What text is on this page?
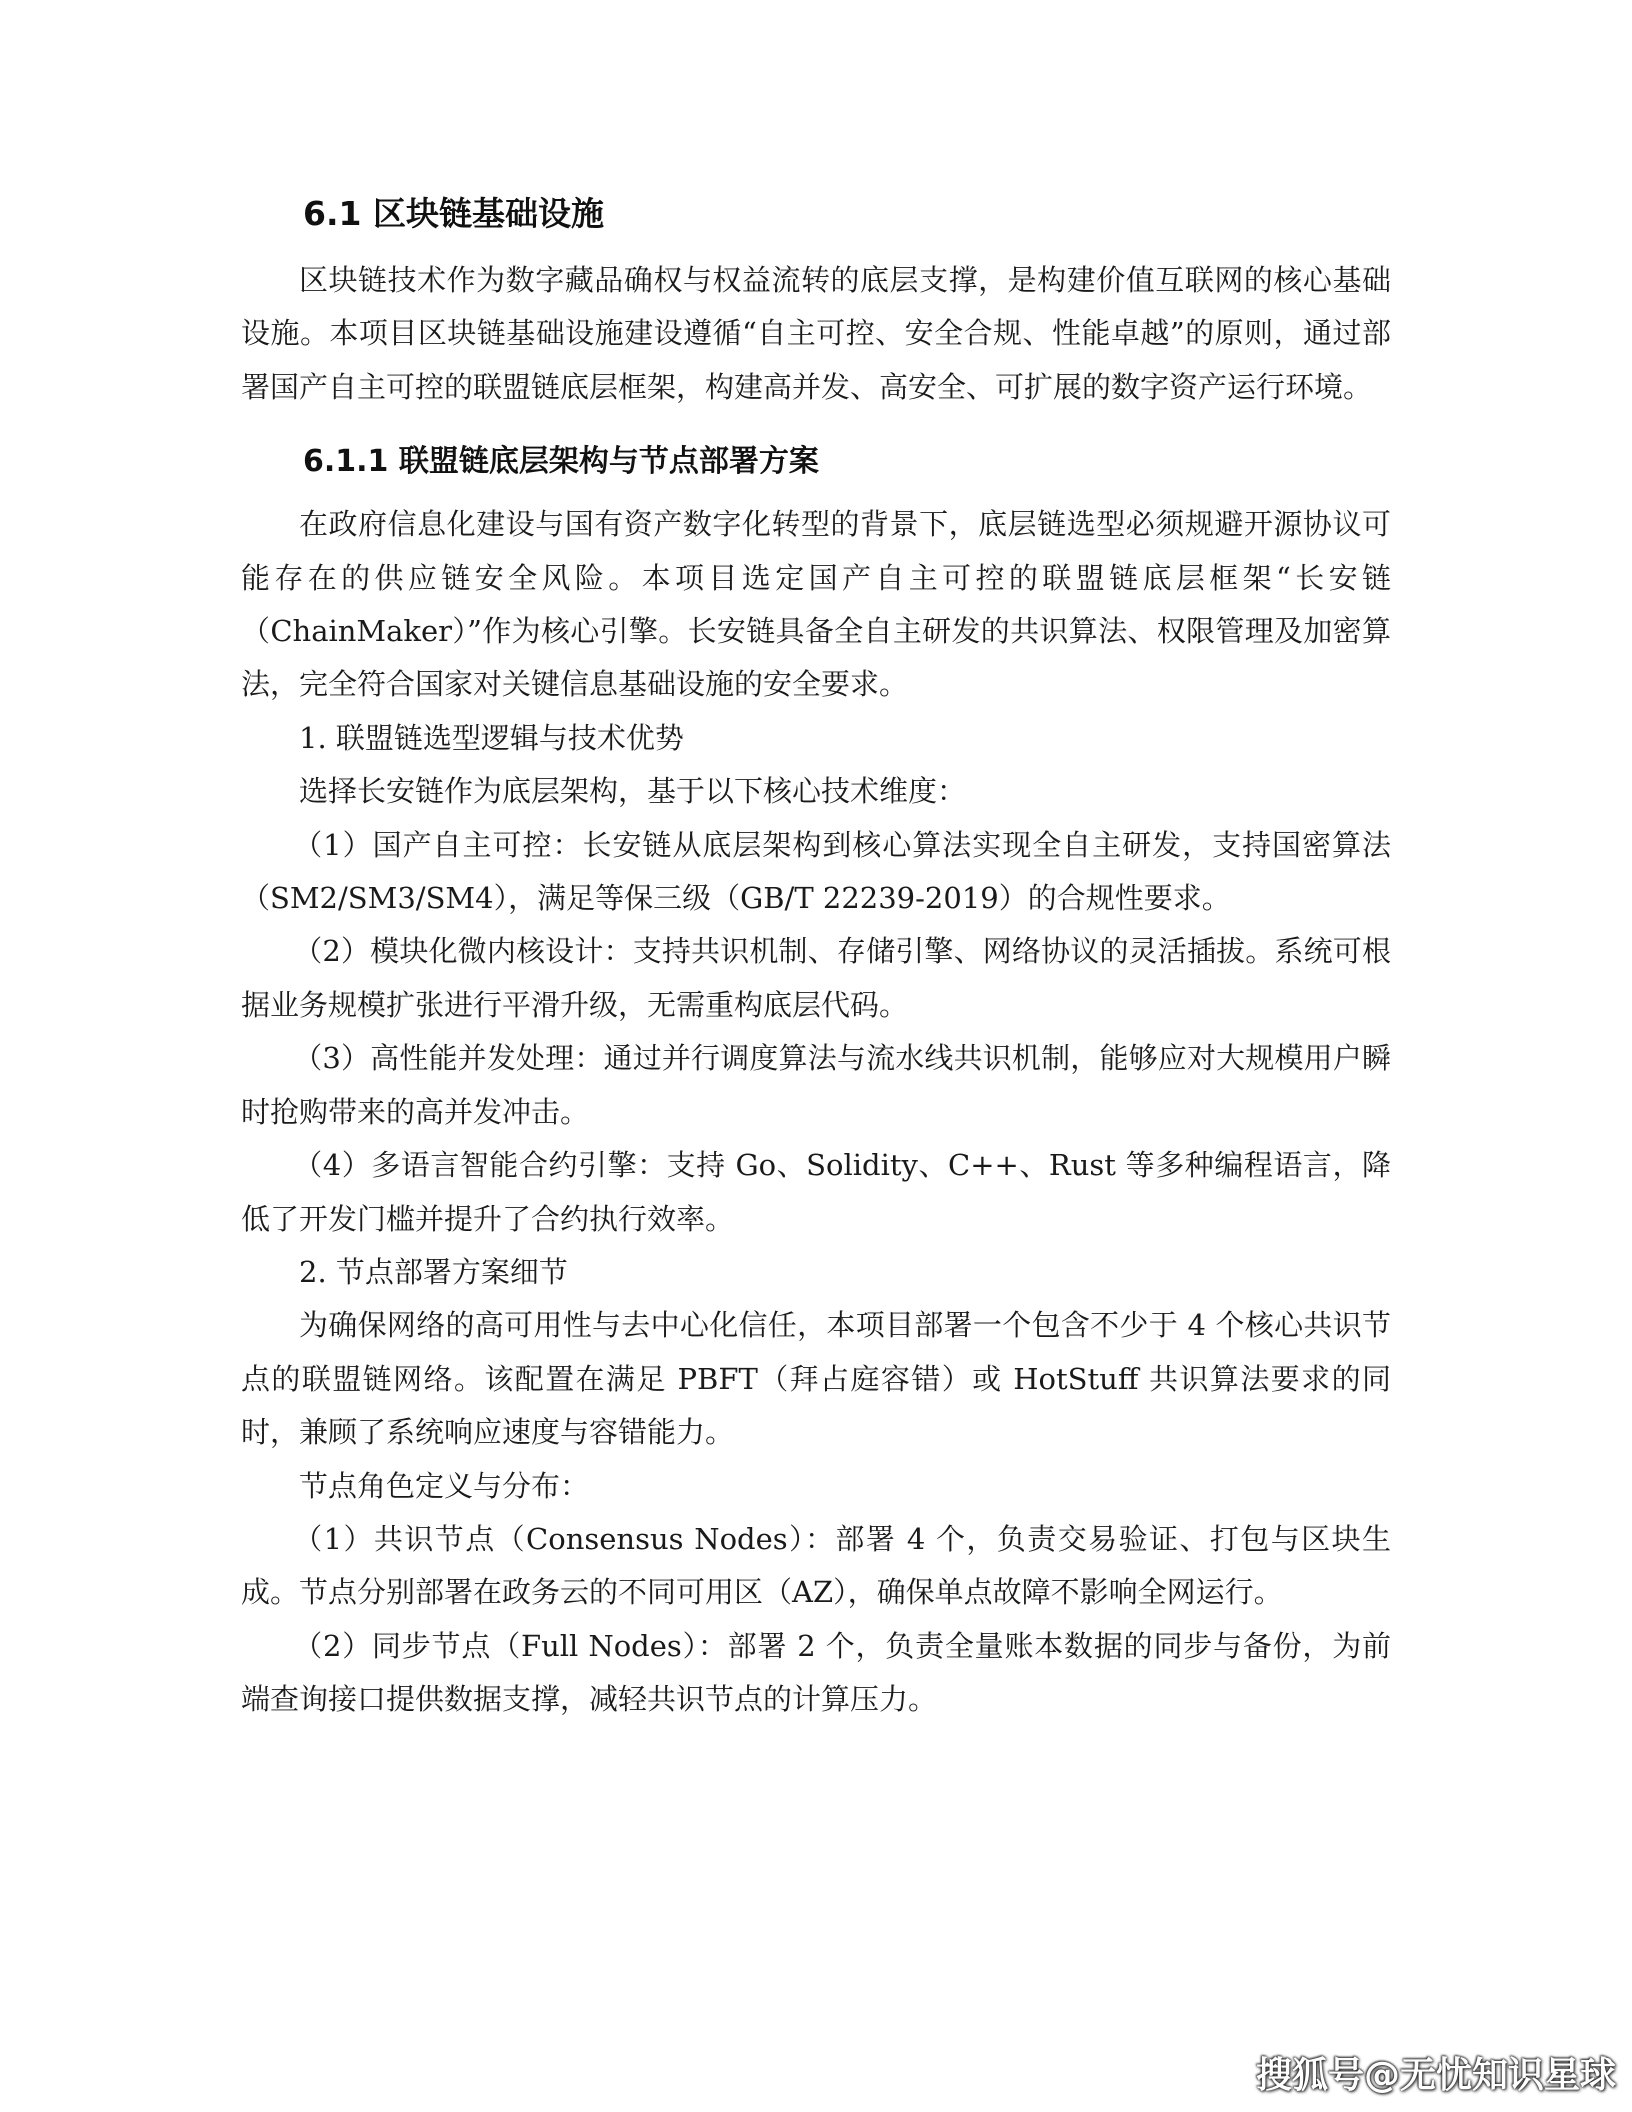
6.1 区块链基础设施

区块链技术作为数字藏品确权与权益流转的底层支撑，是构建价值互联网的核心基础设施。本项目区块链基础设施建设遵循“自主可控、安全合规、性能卓越”的原则，通过部署国产自主可控的联盟链底层框架，构建高并发、高安全、可扩展的数字资产运行环境。

6.1.1 联盟链底层架构与节点部署方案

在政府信息化建设与国有资产数字化转型的背景下，底层链选型必须规避开源协议可能存在的供应链安全风险。本项目选定国产自主可控的联盟链底层框架“长安链（ChainMaker）”作为核心引擎。长安链具备全自主研发的共识算法、权限管理及加密算法，完全符合国家对关键信息基础设施的安全要求。

1. 联盟链选型逻辑与技术优势

选择长安链作为底层架构，基于以下核心技术维度：

（1）国产自主可控：长安链从底层架构到核心算法实现全自主研发，支持国密算法（SM2/SM3/SM4），满足等保三级（GB/T 22239-2019）的合规性要求。

（2）模块化微内核设计：支持共识机制、存储引擎、网络协议的灵活插拔。系统可根据业务规模扩张进行平滑升级，无需重构底层代码。

（3）高性能并发处理：通过并行调度算法与流水线共识机制，能够应对大规模用户瞬时抢购带来的高并发冲击。

（4）多语言智能合约引擎：支持 Go、Solidity、C++、Rust 等多种编程语言，降低了开发门槛并提升了合约执行效率。

2. 节点部署方案细节

为确保网络的高可用性与去中心化信任，本项目部署一个包含不少于 4 个核心共识节点的联盟链网络。该配置在满足 PBFT（拜占庭容错）或 HotStuff 共识算法要求的同时，兼顾了系统响应速度与容错能力。

节点角色定义与分布：

（1）共识节点（Consensus Nodes）：部署 4 个，负责交易验证、打包与区块生成。节点分别部署在政务云的不同可用区（AZ），确保单点故障不影响全网运行。

（2）同步节点（Full Nodes）：部署 2 个，负责全量账本数据的同步与备份，为前端查询接口提供数据支撑，减轻共识节点的计算压力。

搜狐号@无忧知识星球
